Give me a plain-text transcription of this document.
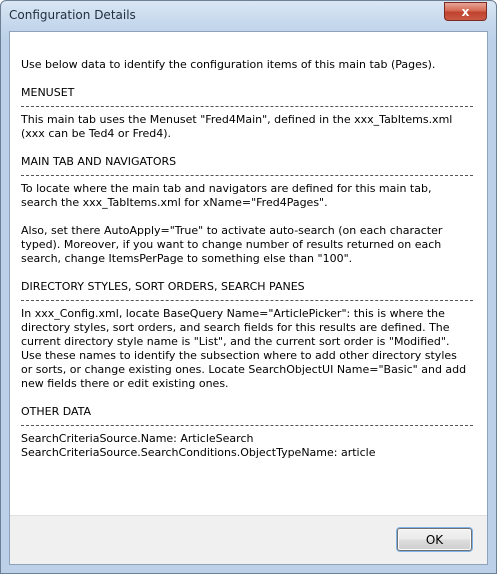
Configuration Details	x

Use below data to identify the configuration items of this main tab (Pages).

MENUSET

This main tab uses the Menuset "Fred4Main", defined in the xxx_TabItems.xml (xxx can be Ted4 or Fred4).

MAIN TAB AND NAVIGATORS

To locate where the main tab and navigators are defined for this main tab, search the xxx_TabItems.xml for xName="Fred4Pages".

Also, set there AutoApply="True" to activate auto-search (on each character typed). Moreover, if you want to change number of results returned on each search, change ItemsPerPage to something else than "100".

DIRECTORY STYLES, SORT ORDERS, SEARCH PANES

In xxx_Config.xml, locate BaseQuery Name="ArticlePicker": this is where the directory styles, sort orders, and search fields for this results are defined. The current directory style name is "List", and the current sort order is "Modified". Use these names to identify the subsection where to add other directory styles or sorts, or change existing ones. Locate SearchObjectUI Name="Basic" and add new fields there or edit existing ones.

OTHER DATA

SearchCriteriaSource.Name: ArticleSearch

SearchCriteriaSource.SearchConditions.ObjectTypeName: article

OK
